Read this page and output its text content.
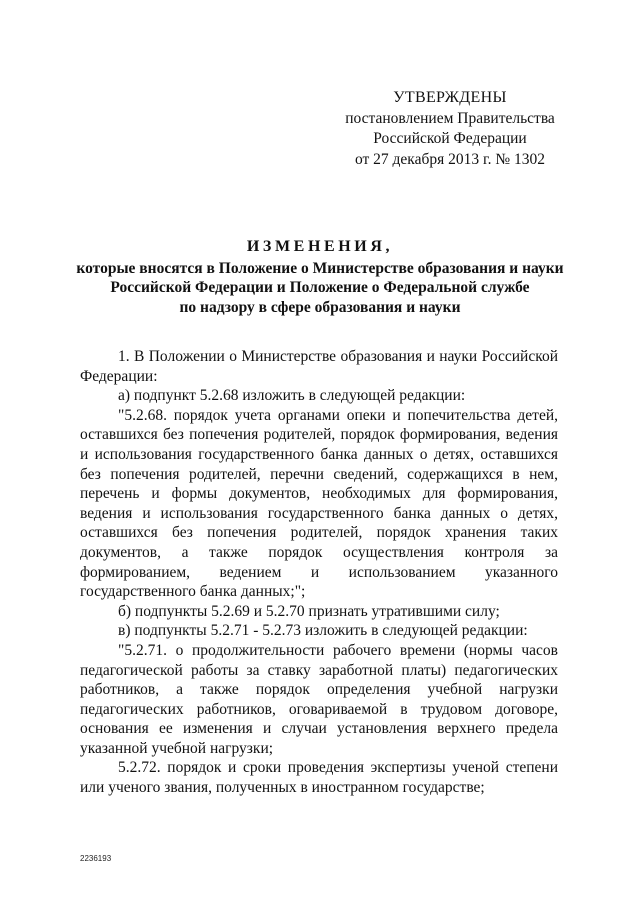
УТВЕРЖДЕНЫ
постановлением Правительства
Российской Федерации
от 27 декабря 2013 г. № 1302
ИЗМЕНЕНИЯ,
которые вносятся в Положение о Министерстве образования и науки
Российской Федерации и Положение о Федеральной службе
по надзору в сфере образования и науки

1. В Положении о Министерстве образования и науки Российской Федерации:

а) подпункт 5.2.68 изложить в следующей редакции:

"5.2.68. порядок учета органами опеки и попечительства детей, оставшихся без попечения родителей, порядок формирования, ведения и использования государственного банка данных о детях, оставшихся без попечения родителей, перечни сведений, содержащихся в нем, перечень и формы документов, необходимых для формирования, ведения и использования государственного банка данных о детях, оставшихся без попечения родителей, порядок хранения таких документов, а также порядок осуществления контроля за формированием, ведением и использованием указанного государственного банка данных;";

б) подпункты 5.2.69 и 5.2.70 признать утратившими силу;

в) подпункты 5.2.71 - 5.2.73 изложить в следующей редакции:

"5.2.71. о продолжительности рабочего времени (нормы часов педагогической работы за ставку заработной платы) педагогических работников, а также порядок определения учебной нагрузки педагогических работников, оговариваемой в трудовом договоре, основания ее изменения и случаи установления верхнего предела указанной учебной нагрузки;

5.2.72. порядок и сроки проведения экспертизы ученой степени или ученого звания, полученных в иностранном государстве;

2236193
